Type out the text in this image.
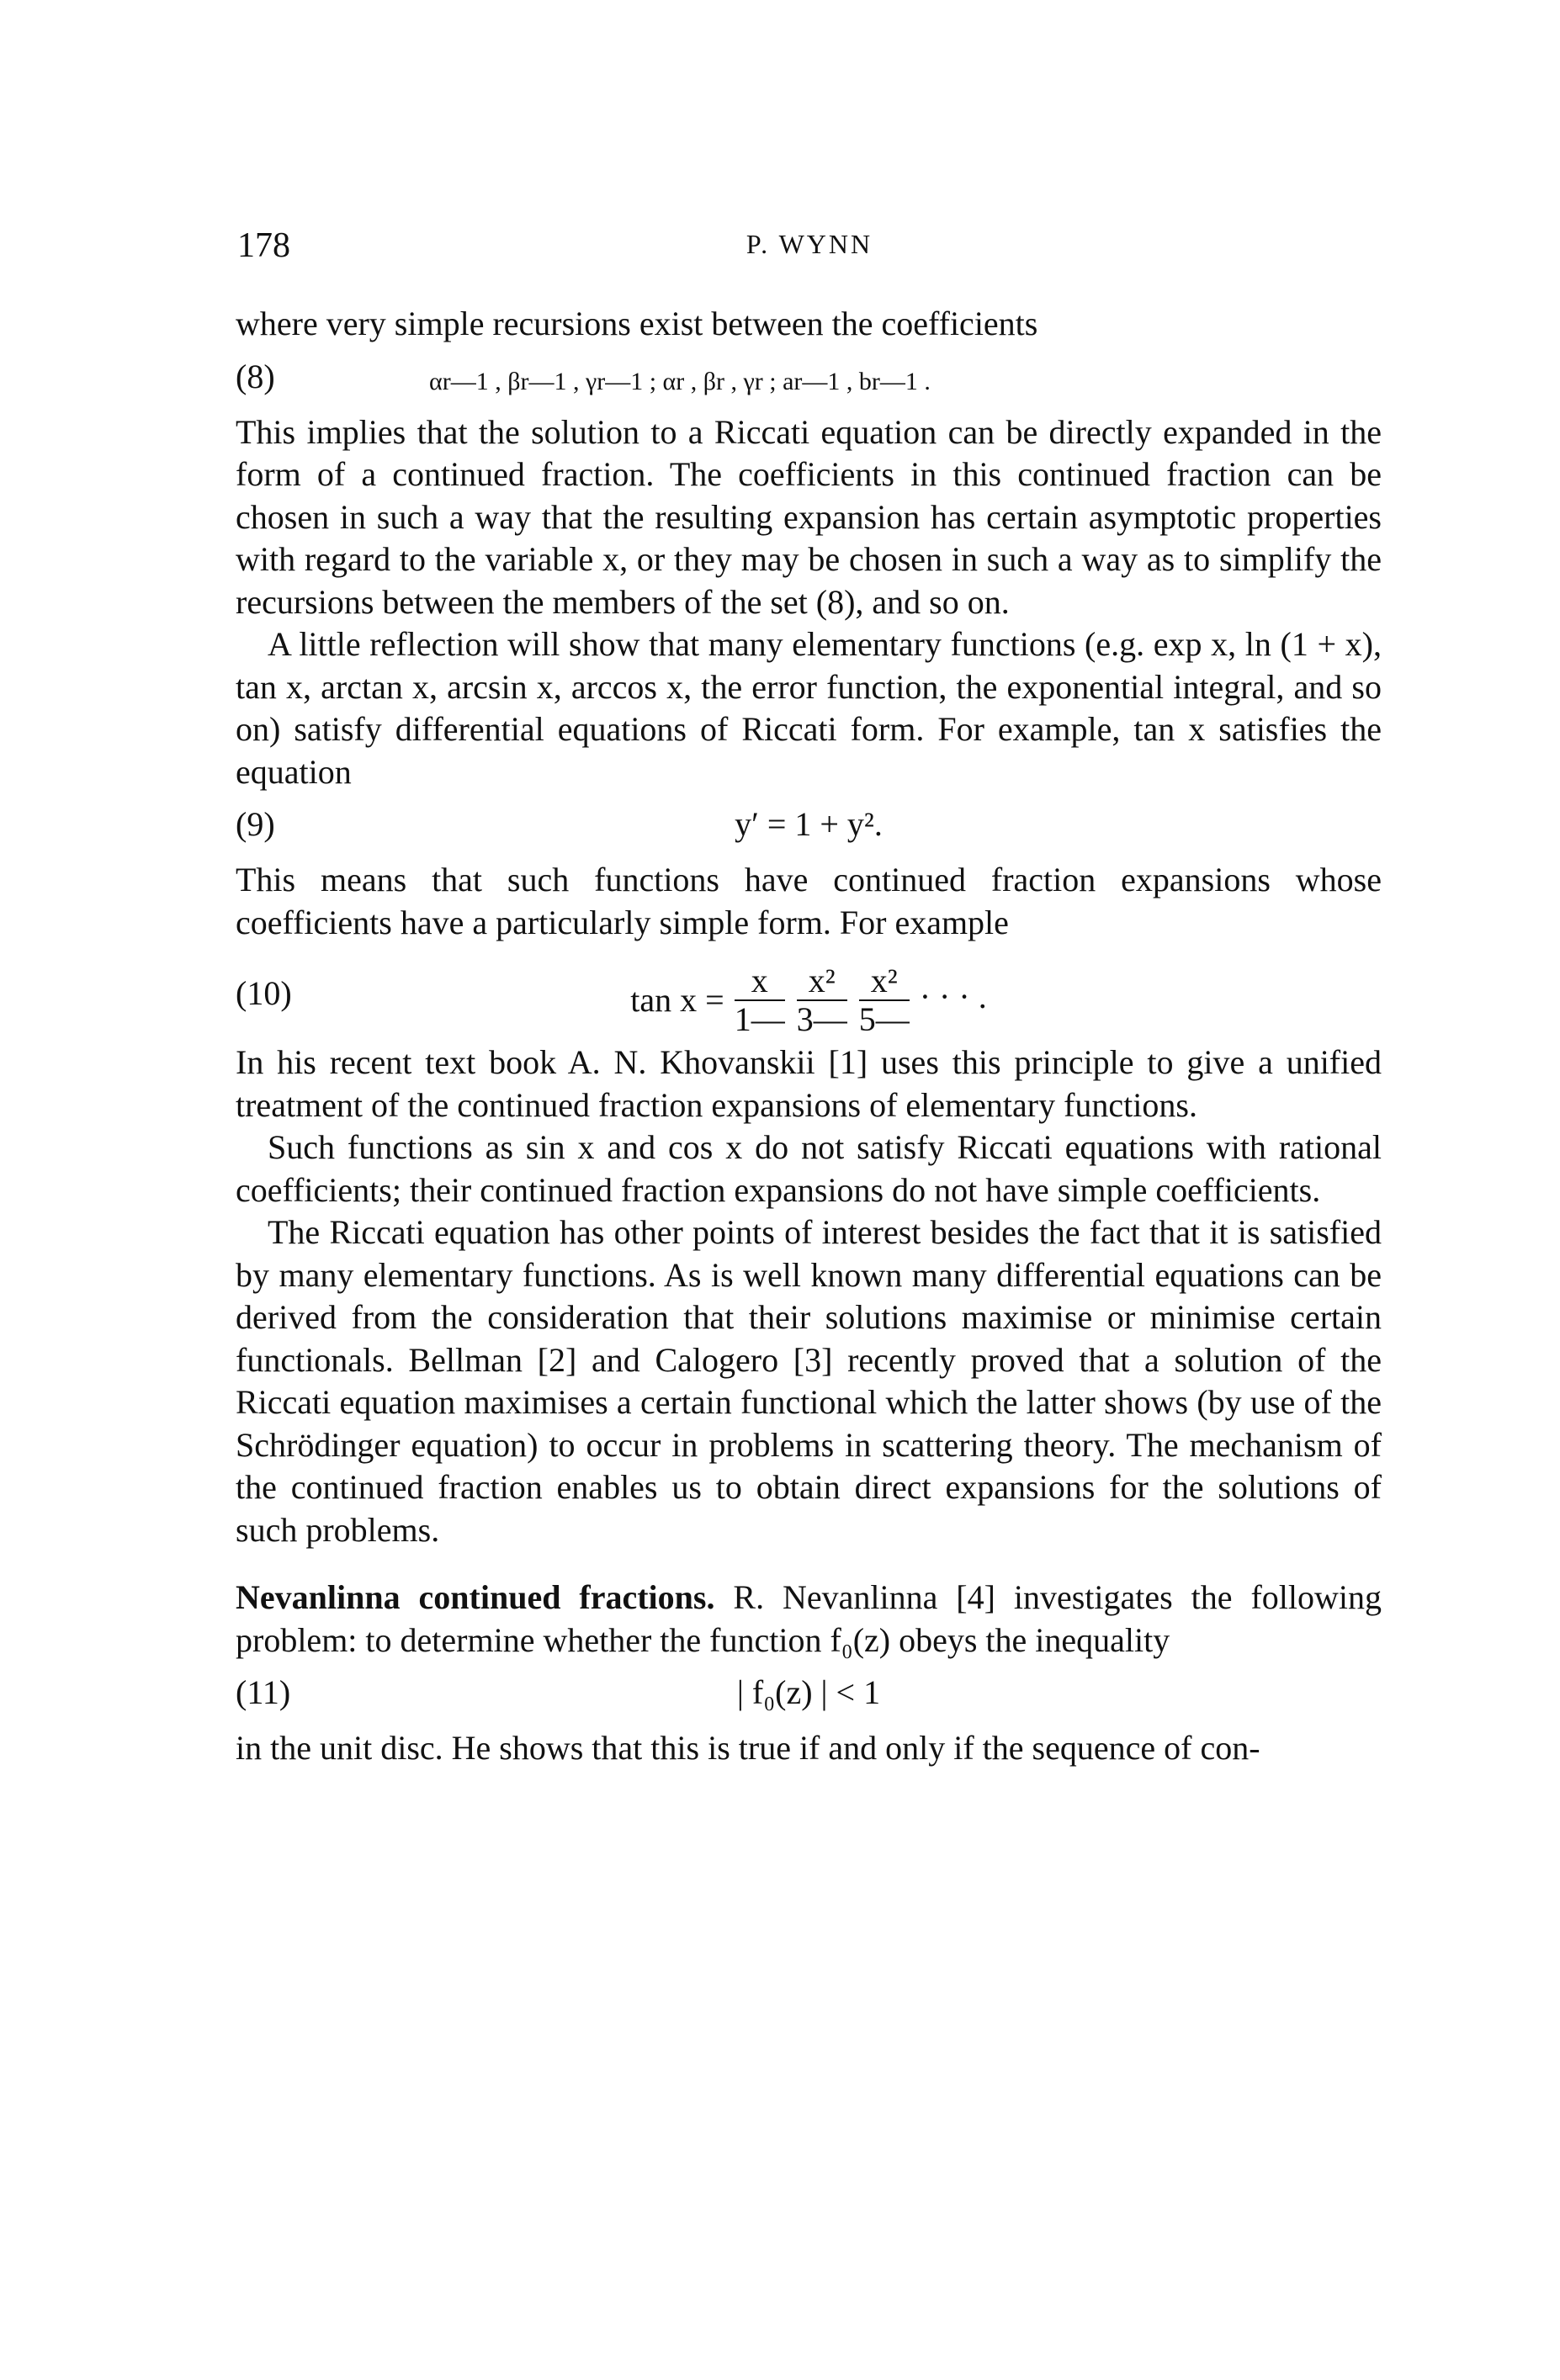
178	P. WYNN

where very simple recursions exist between the coefficients

(8)	αr—1 , βr—1 , γr—1 ; αr , βr , γr ; ar—1 , br—1 .

This implies that the solution to a Riccati equation can be directly expanded in the form of a continued fraction. The coefficients in this continued fraction can be chosen in such a way that the resulting expansion has certain asymptotic properties with regard to the variable x, or they may be chosen in such a way as to simplify the recursions between the members of the set (8), and so on.

A little reflection will show that many elementary functions (e.g. exp x, ln (1 + x), tan x, arctan x, arcsin x, arccos x, the error function, the exponential integral, and so on) satisfy differential equations of Riccati form. For example, tan x satisfies the equation

(9)	y′ = 1 + y².

This means that such functions have continued fraction expansions whose coefficients have a particularly simple form. For example

(10)	$\tan x = \frac{x}{1—}$
$\frac{\text{x²}}{3—}$
$\frac{\text{x²}}{5—}$ · · · .

In his recent text book A. N. Khovanskii [1] uses this principle to give a unified treatment of the continued fraction expansions of elementary functions.

Such functions as sin x and cos x do not satisfy Riccati equations with rational coefficients; their continued fraction expansions do not have simple coefficients.

The Riccati equation has other points of interest besides the fact that it is satisfied by many elementary functions. As is well known many differential equations can be derived from the consideration that their solutions maximise or minimise certain functionals. Bellman [2] and Calogero [3] recently proved that a solution of the Riccati equation maximises a certain functional which the latter shows (by use of the Schrödinger equation) to occur in problems in scattering theory. The mechanism of the continued fraction enables us to obtain direct expansions for the solutions of such problems.

Nevanlinna continued fractions. R. Nevanlinna [4] investigates the following problem: to determine whether the function f₀(z) obeys the inequality

(11)	| f₀(z) | < 1

in the unit disc. He shows that this is true if and only if the sequence of con-
